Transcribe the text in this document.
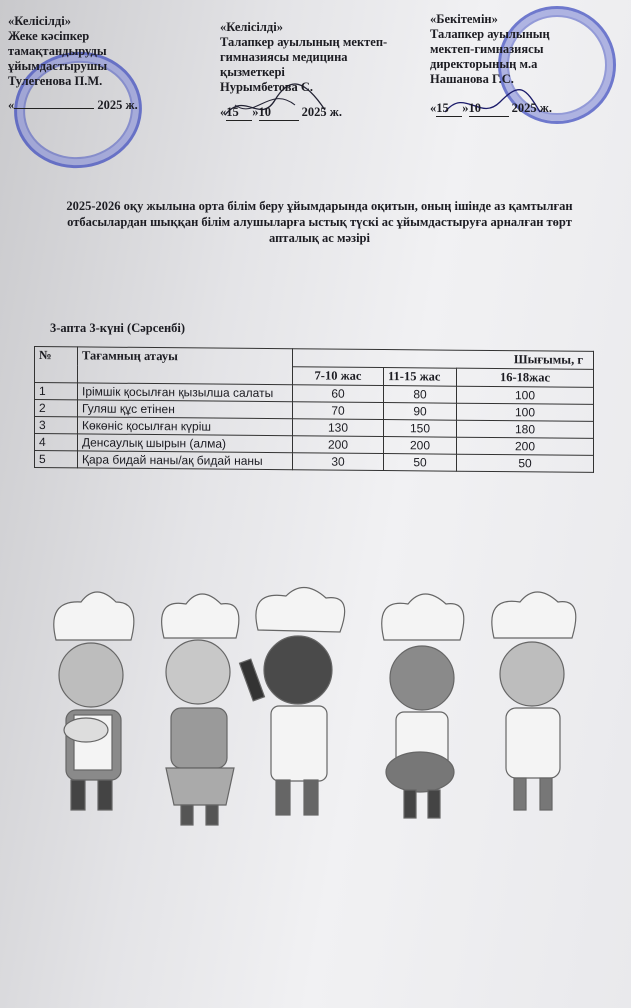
«Келісілді»
Жеке кәсіпкер
тамақтандыруды
ұйымдастырушы
Тулегенова П.М.
«	2025 ж.
«Келісілді»
Талапкер ауылының мектеп-
гимназиясы медицина
қызметкері
Нурымбетова С.
«15 »10 2025 ж.
«Бекітемін»
Талапкер ауылының
мектеп-гимназиясы
директорының м.а
Нашанова Г.С.
«15 »10 2025 ж.
2025-2026 оқу жылына орта білім беру ұйымдарында оқитын, оның ішінде аз қамтылған отбасылардан шыққан білім алушыларға ыстық түскі ас ұйымдастыруға арналған төрт апталық ас мәзірі
3-апта 3-күні (Сәрсенбі)
№	Тағамның атауы	Шығымы, г		
		7-10 жас	11-15 жас	16-18жас
1	Ірімшік қосылған қызылша салаты	60	80	100
2	Гуляш құс етінен	70	90	100
3	Көкөніс қосылған күріш	130	150	180
4	Денсаулық шырын (алма)	200	200	200
5	Қара бидай наны/ақ бидай наны	30	50	50
